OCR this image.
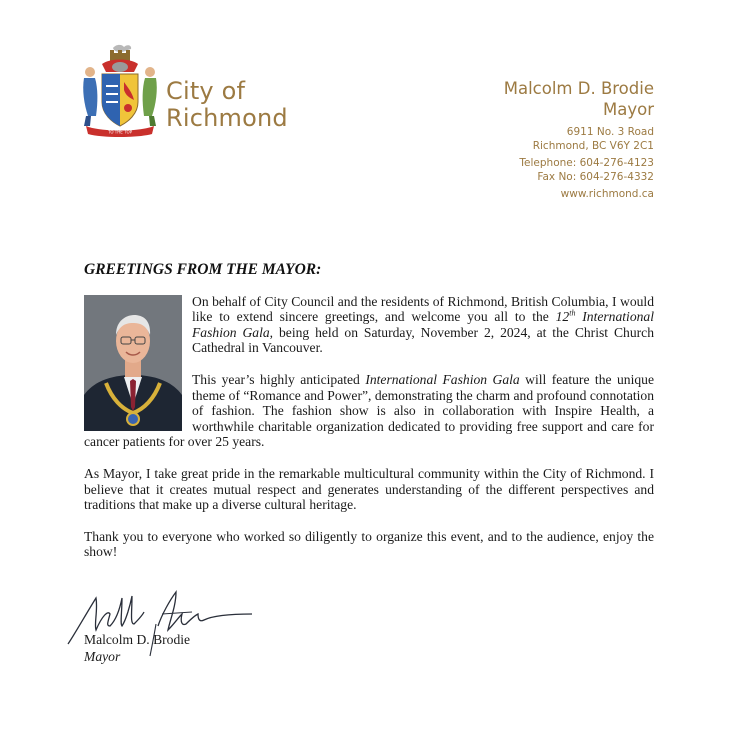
TO THE TOP
City of
Richmond
Malcolm D. Brodie
Mayor
6911 No. 3 Road
Richmond, BC V6Y 2C1
Telephone: 604-276-4123
Fax No: 604-276-4332
www.richmond.ca
GREETINGS FROM THE MAYOR:

On behalf of City Council and the residents of Richmond, British Columbia, I would like to extend sincere greetings, and welcome you all to the 12th International Fashion Gala, being held on Saturday, November 2, 2024, at the Christ Church Cathedral in Vancouver.

This year’s highly anticipated International Fashion Gala will feature the unique theme of “Romance and Power”, demonstrating the charm and profound connotation of fashion. The fashion show is also in collaboration with Inspire Health, a worthwhile charitable organization dedicated to providing free support and care for cancer patients for over 25 years.

As Mayor, I take great pride in the remarkable multicultural community within the City of Richmond. I believe that it creates mutual respect and generates understanding of the different perspectives and traditions that make up a diverse cultural heritage.

Thank you to everyone who worked so diligently to organize this event, and to the audience, enjoy the show!

Malcolm D. Brodie
Mayor
